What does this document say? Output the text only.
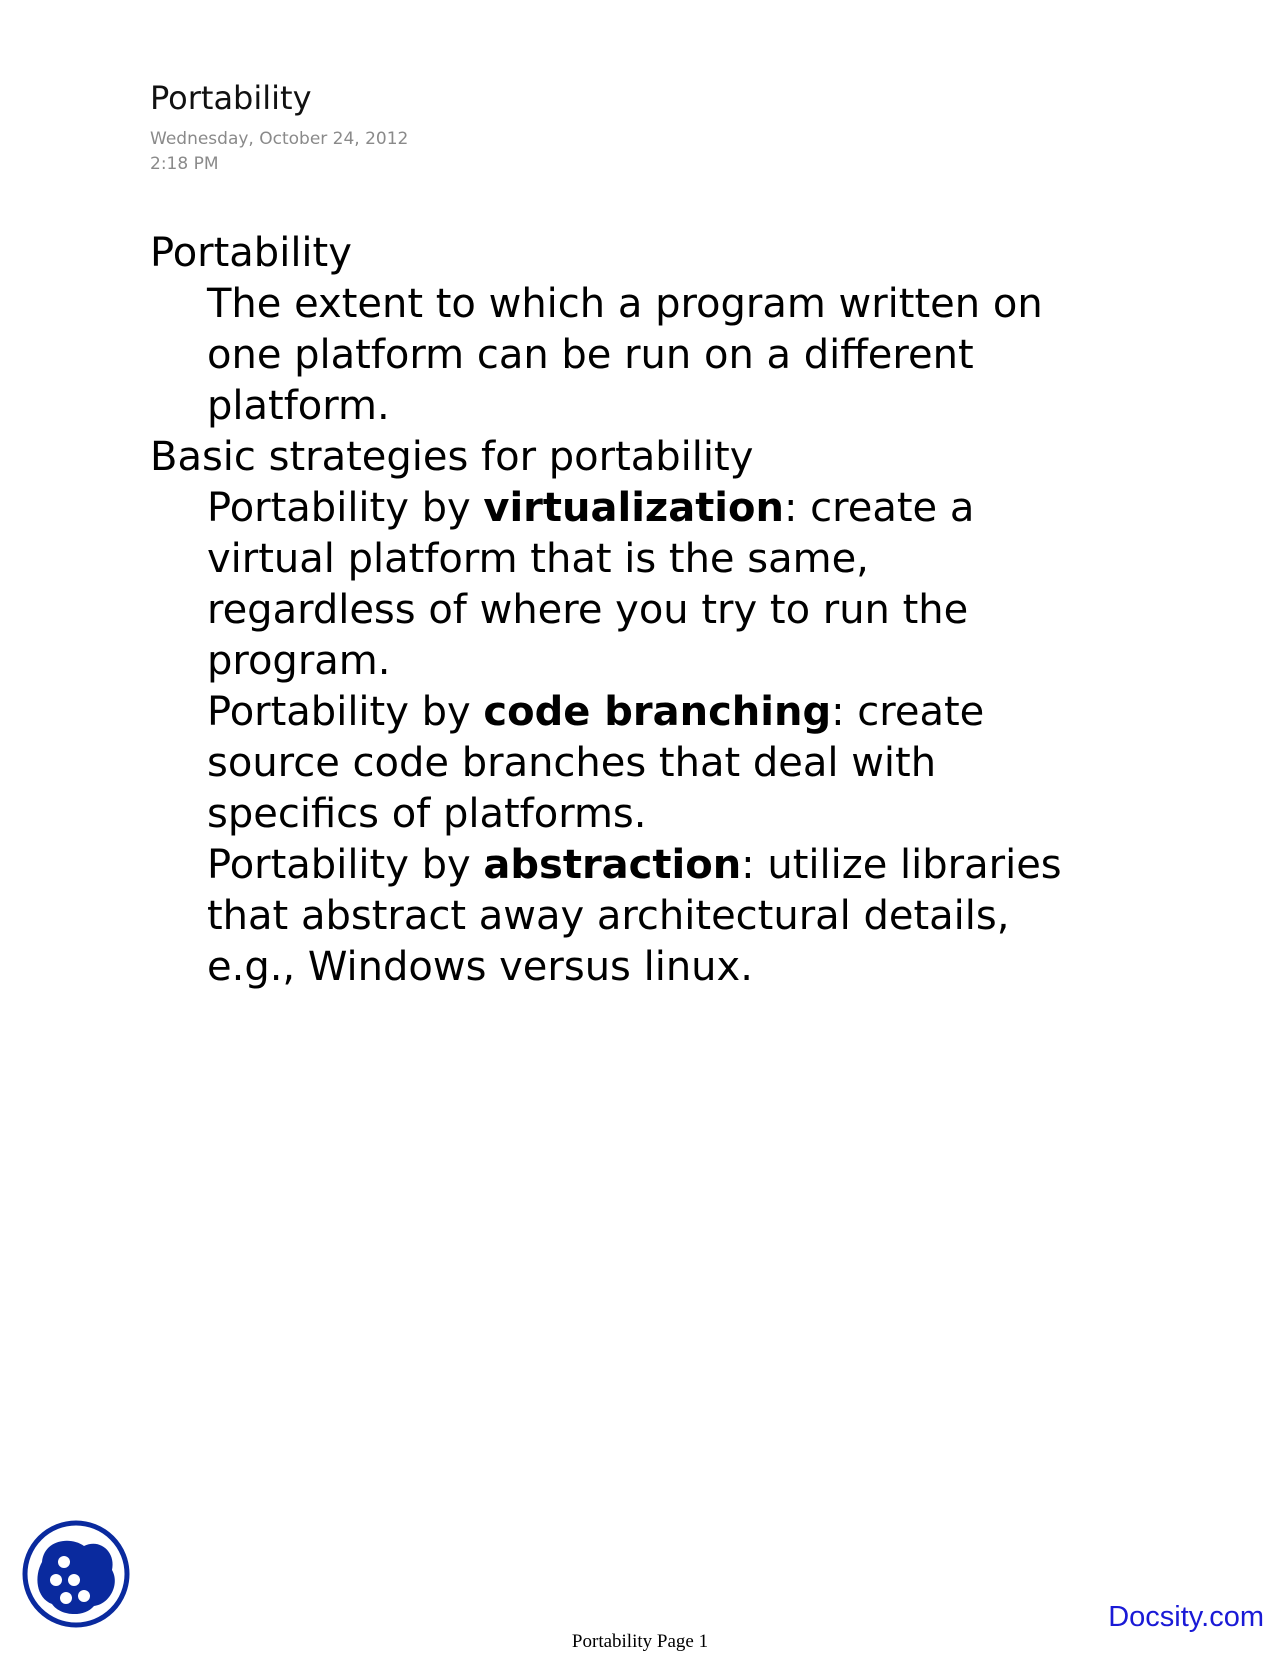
Portability
Wednesday, October 24, 2012
2:18 PM
Portability
The extent to which a program written on
one platform can be run on a different
platform.
Basic strategies for portability
Portability by virtualization: create a
virtual platform that is the same,
regardless of where you try to run the
program.
Portability by code branching: create
source code branches that deal with
specifics of platforms.
Portability by abstraction: utilize libraries
that abstract away architectural details,
e.g., Windows versus linux.
Docsity.com
Portability Page 1
